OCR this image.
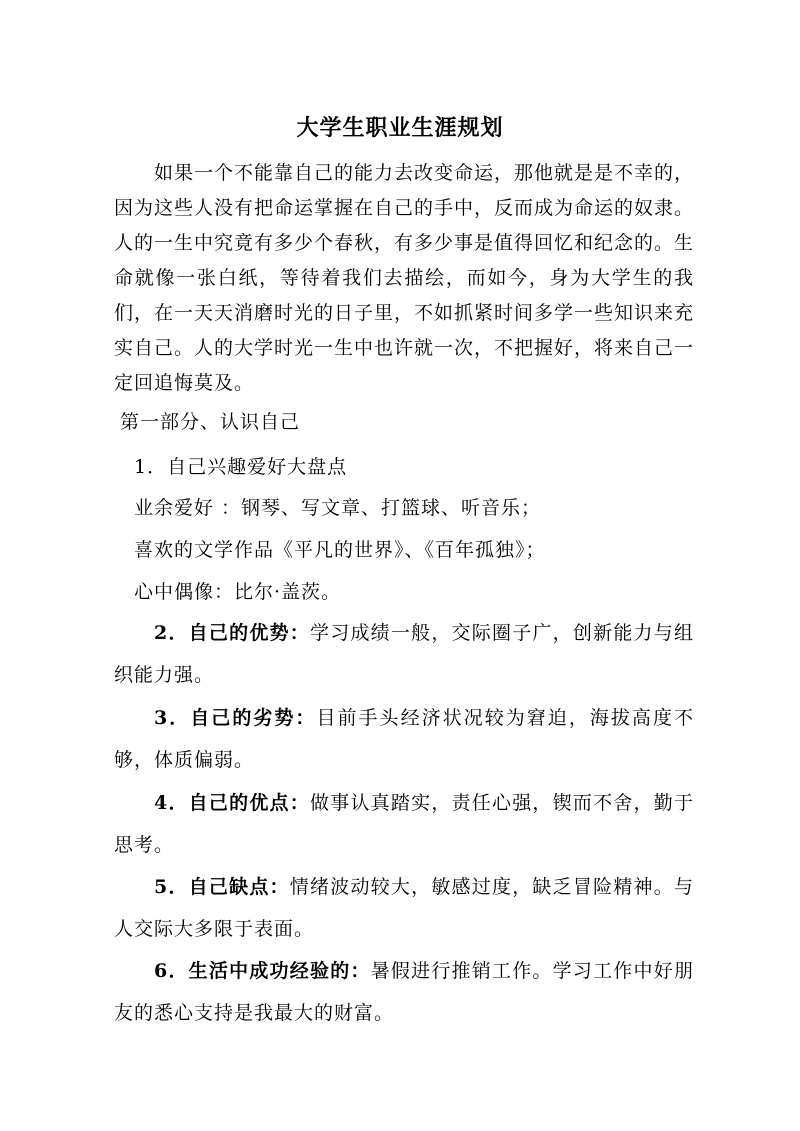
大学生职业生涯规划

如果一个不能靠自己的能力去改变命运，那他就是是不幸的，因为这些人没有把命运掌握在自己的手中，反而成为命运的奴隶。人的一生中究竟有多少个春秋，有多少事是值得回忆和纪念的。生命就像一张白纸，等待着我们去描绘，而如今，身为大学生的我们，在一天天消磨时光的日子里，不如抓紧时间多学一些知识来充实自己。人的大学时光一生中也许就一次，不把握好，将来自己一定回追悔莫及。

第一部分、认识自己
1．自己兴趣爱好大盘点
业余爱好 ：钢琴、写文章、打篮球、听音乐；
喜欢的文学作品《平凡的世界》、《百年孤独》；
心中偶像：比尔·盖茨。

2．自己的优势：学习成绩一般，交际圈子广，创新能力与组织能力强。

3．自己的劣势：目前手头经济状况较为窘迫，海拔高度不够，体质偏弱。

4．自己的优点：做事认真踏实，责任心强，锲而不舍，勤于思考。

5．自己缺点：情绪波动较大，敏感过度，缺乏冒险精神。与人交际大多限于表面。

6．生活中成功经验的：暑假进行推销工作。学习工作中好朋友的悉心支持是我最大的财富。
